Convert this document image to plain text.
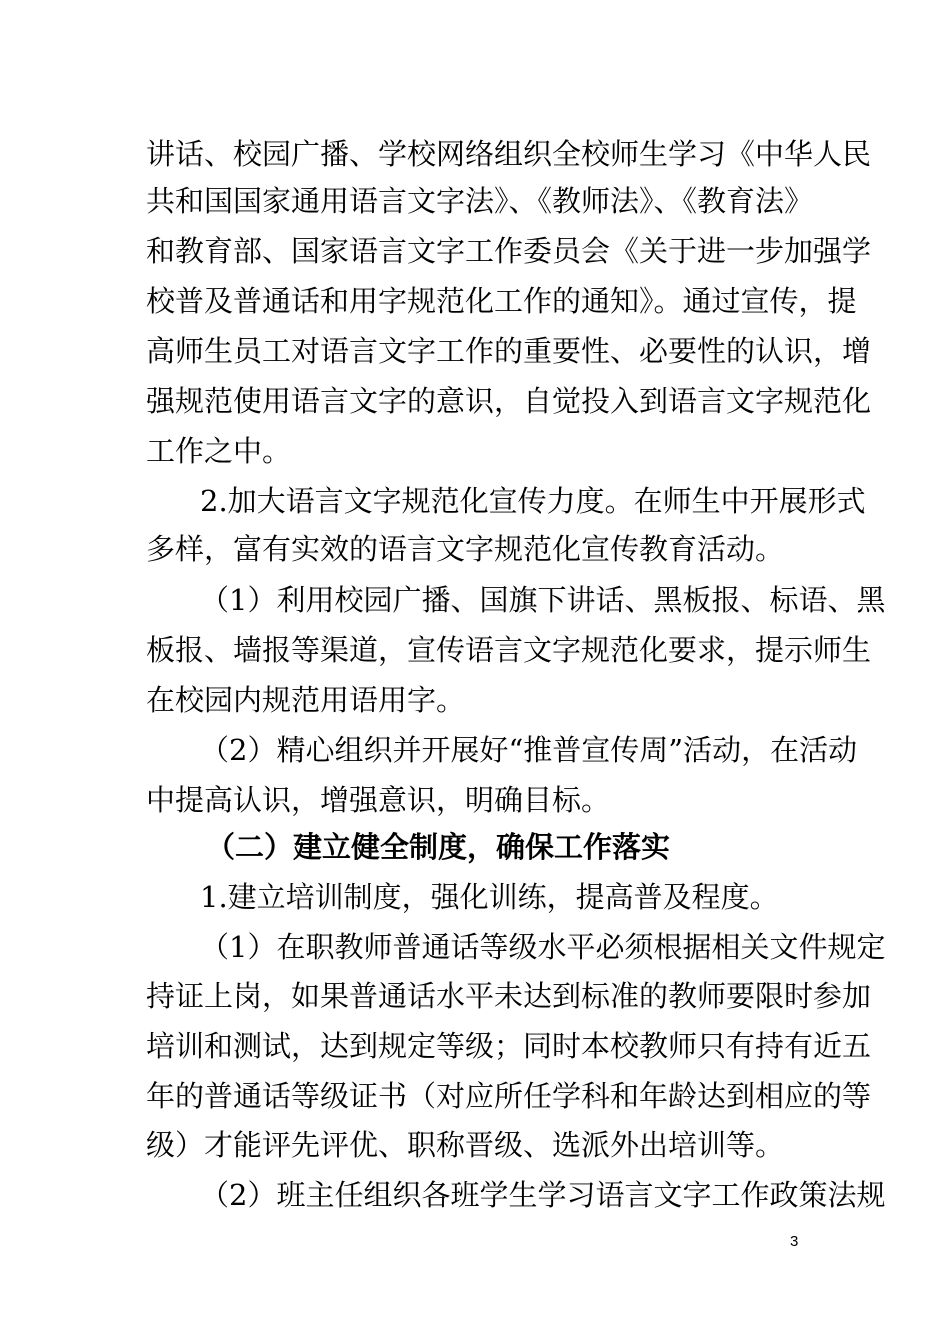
讲话、校园广播、学校网络组织全校师生学习《中华人民
共和国国家通用语言文字法》、《教师法》、《教育法》
和教育部、国家语言文字工作委员会《关于进一步加强学
校普及普通话和用字规范化工作的通知》。通过宣传，提
高师生员工对语言文字工作的重要性、必要性的认识，增
强规范使用语言文字的意识，自觉投入到语言文字规范化
工作之中。
2.加大语言文字规范化宣传力度。在师生中开展形式
多样，富有实效的语言文字规范化宣传教育活动。
（1）利用校园广播、国旗下讲话、黑板报、标语、黑
板报、墙报等渠道，宣传语言文字规范化要求，提示师生
在校园内规范用语用字。
（2）精心组织并开展好“推普宣传周”活动，在活动
中提高认识，增强意识，明确目标。
（二）建立健全制度，确保工作落实
1.建立培训制度，强化训练，提高普及程度。
（1）在职教师普通话等级水平必须根据相关文件规定
持证上岗，如果普通话水平未达到标准的教师要限时参加
培训和测试，达到规定等级；同时本校教师只有持有近五
年的普通话等级证书（对应所任学科和年龄达到相应的等
级）才能评先评优、职称晋级、选派外出培训等。
（2）班主任组织各班学生学习语言文字工作政策法规
3
